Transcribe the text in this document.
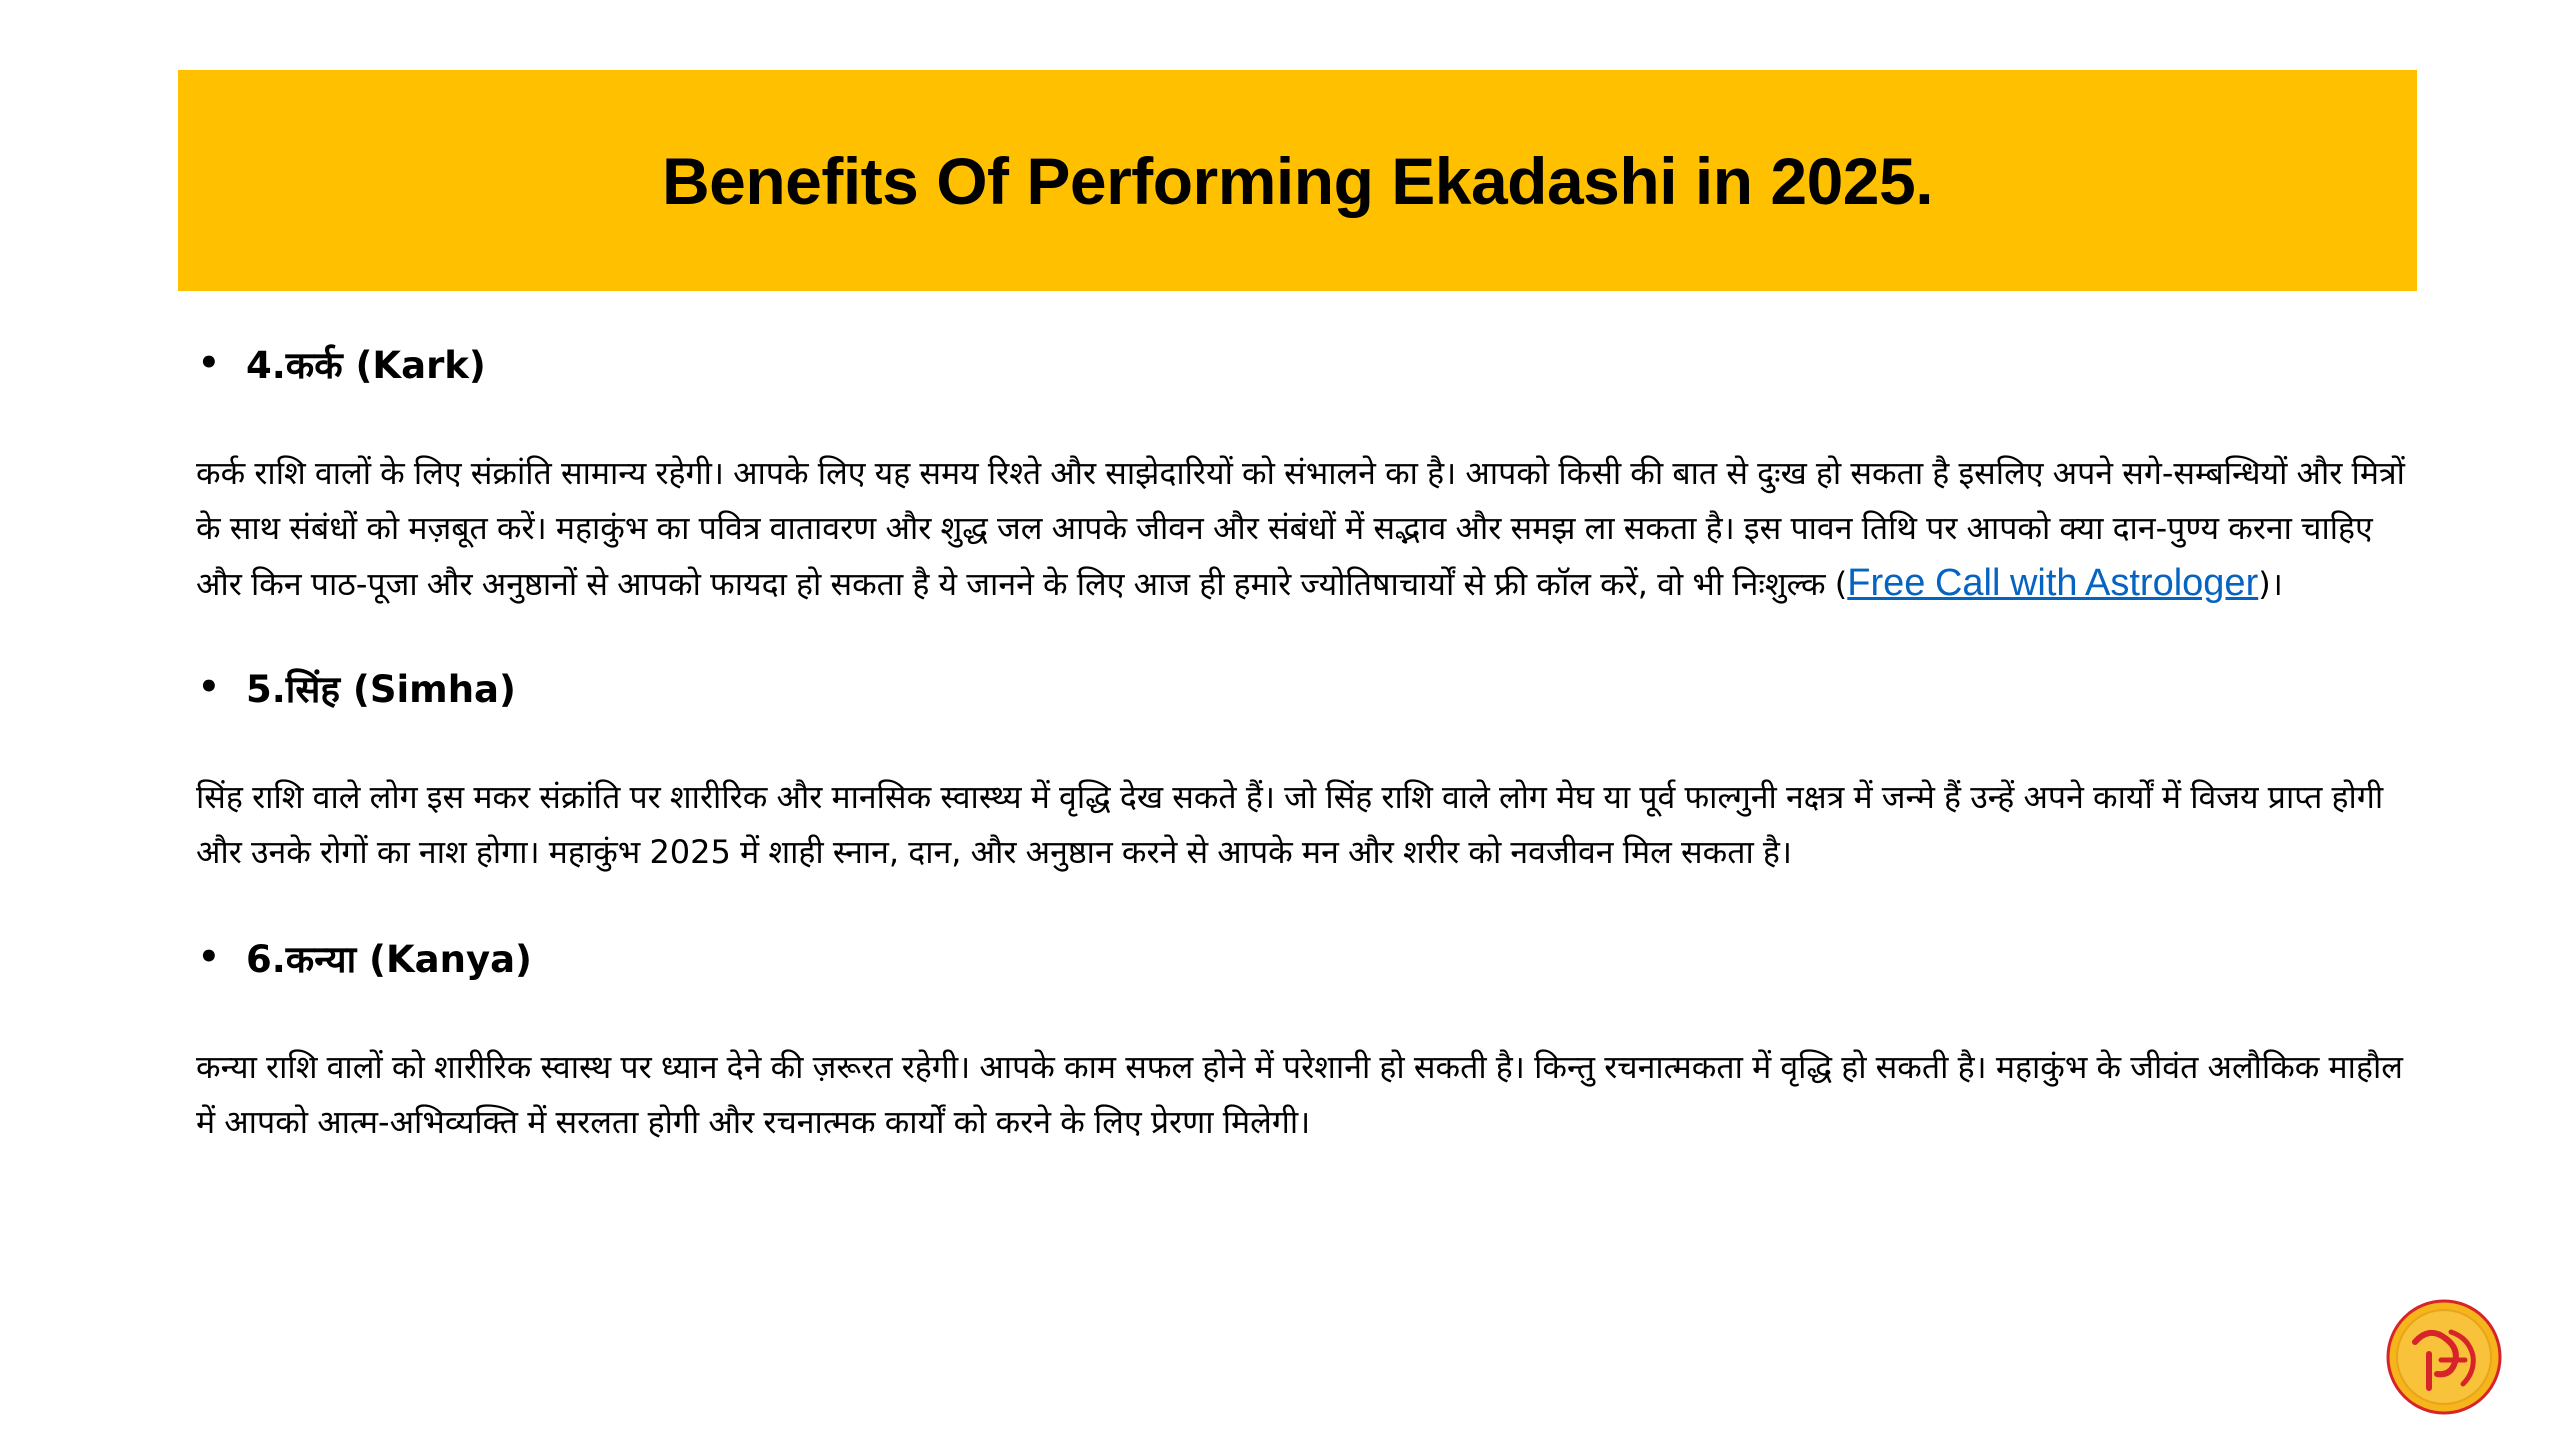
Benefits Of Performing Ekadashi in 2025.
• 4.कर्क (Kark)

कर्क राशि वालों के लिए संक्रांति सामान्य रहेगी। आपके लिए यह समय रिश्ते और साझेदारियों को संभालने का है। आपको किसी की बात से दुःख हो सकता है इसलिए अपने सगे-सम्बन्धियों और मित्रों के साथ संबंधों को मज़बूत करें। महाकुंभ का पवित्र वातावरण और शुद्ध जल आपके जीवन और संबंधों में सद्भाव और समझ ला सकता है। इस पावन तिथि पर आपको क्या दान-पुण्य करना चाहिए और किन पाठ-पूजा और अनुष्ठानों से आपको फायदा हो सकता है ये जानने के लिए आज ही हमारे ज्योतिषाचार्यों से फ्री कॉल करें, वो भी निःशुल्क (Free Call with Astrologer)।

• 5.सिंह (Simha)

सिंह राशि वाले लोग इस मकर संक्रांति पर शारीरिक और मानसिक स्वास्थ्य में वृद्धि देख सकते हैं। जो सिंह राशि वाले लोग मेघ या पूर्व फाल्गुनी नक्षत्र में जन्मे हैं उन्हें अपने कार्यों में विजय प्राप्त होगी और उनके रोगों का नाश होगा। महाकुंभ 2025 में शाही स्नान, दान, और अनुष्ठान करने से आपके मन और शरीर को नवजीवन मिल सकता है।

• 6.कन्या (Kanya)

कन्या राशि वालों को शारीरिक स्वास्थ पर ध्यान देने की ज़रूरत रहेगी। आपके काम सफल होने में परेशानी हो सकती है। किन्तु रचनात्मकता में वृद्धि हो सकती है। महाकुंभ के जीवंत अलौकिक माहौल में आपको आत्म-अभिव्यक्ति में सरलता होगी और रचनात्मक कार्यों को करने के लिए प्रेरणा मिलेगी।
